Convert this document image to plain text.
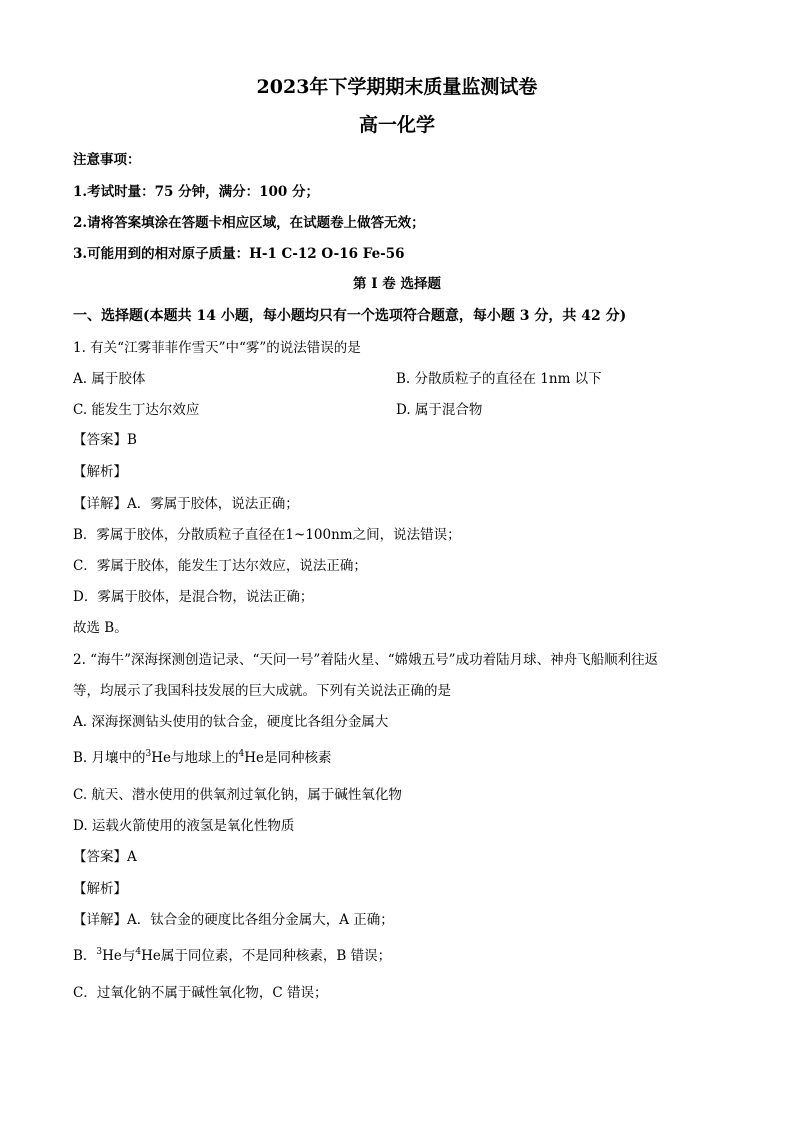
2023年下学期期末质量监测试卷
高一化学
注意事项：
1.考试时量：75 分钟，满分：100 分；
2.请将答案填涂在答题卡相应区域，在试题卷上做答无效；
3.可能用到的相对原子质量：H-1 C-12 O-16 Fe-56
第 I 卷 选择题
一、选择题(本题共 14 小题，每小题均只有一个选项符合题意，每小题 3 分，共 42 分)
1. 有关“江雾菲菲作雪天”中“雾”的说法错误的是
A. 属于胶体	B. 分散质粒子的直径在 1nm 以下
C. 能发生丁达尔效应	D. 属于混合物
【答案】B
【解析】
【详解】A．雾属于胶体，说法正确；
B．雾属于胶体，分散质粒子直径在1~100nm之间，说法错误；
C．雾属于胶体，能发生丁达尔效应，说法正确；
D．雾属于胶体，是混合物，说法正确；
故选 B。
2. “海牛”深海探测创造记录、“天问一号”着陆火星、“嫦娥五号”成功着陆月球、神舟飞船顺利往返
等，均展示了我国科技发展的巨大成就。下列有关说法正确的是
A. 深海探测钻头使用的钛合金，硬度比各组分金属大
B. 月壤中的$^3$He与地球上的$^4$He是同种核素
C. 航天、潜水使用的供氧剂过氧化钠，属于碱性氧化物
D. 运载火箭使用的液氢是氧化性物质
【答案】A
【解析】
【详解】A．钛合金的硬度比各组分金属大，A 正确；
B．$^3$He与$^4$He属于同位素，不是同种核素，B 错误；
C．过氧化钠不属于碱性氧化物，C 错误；
